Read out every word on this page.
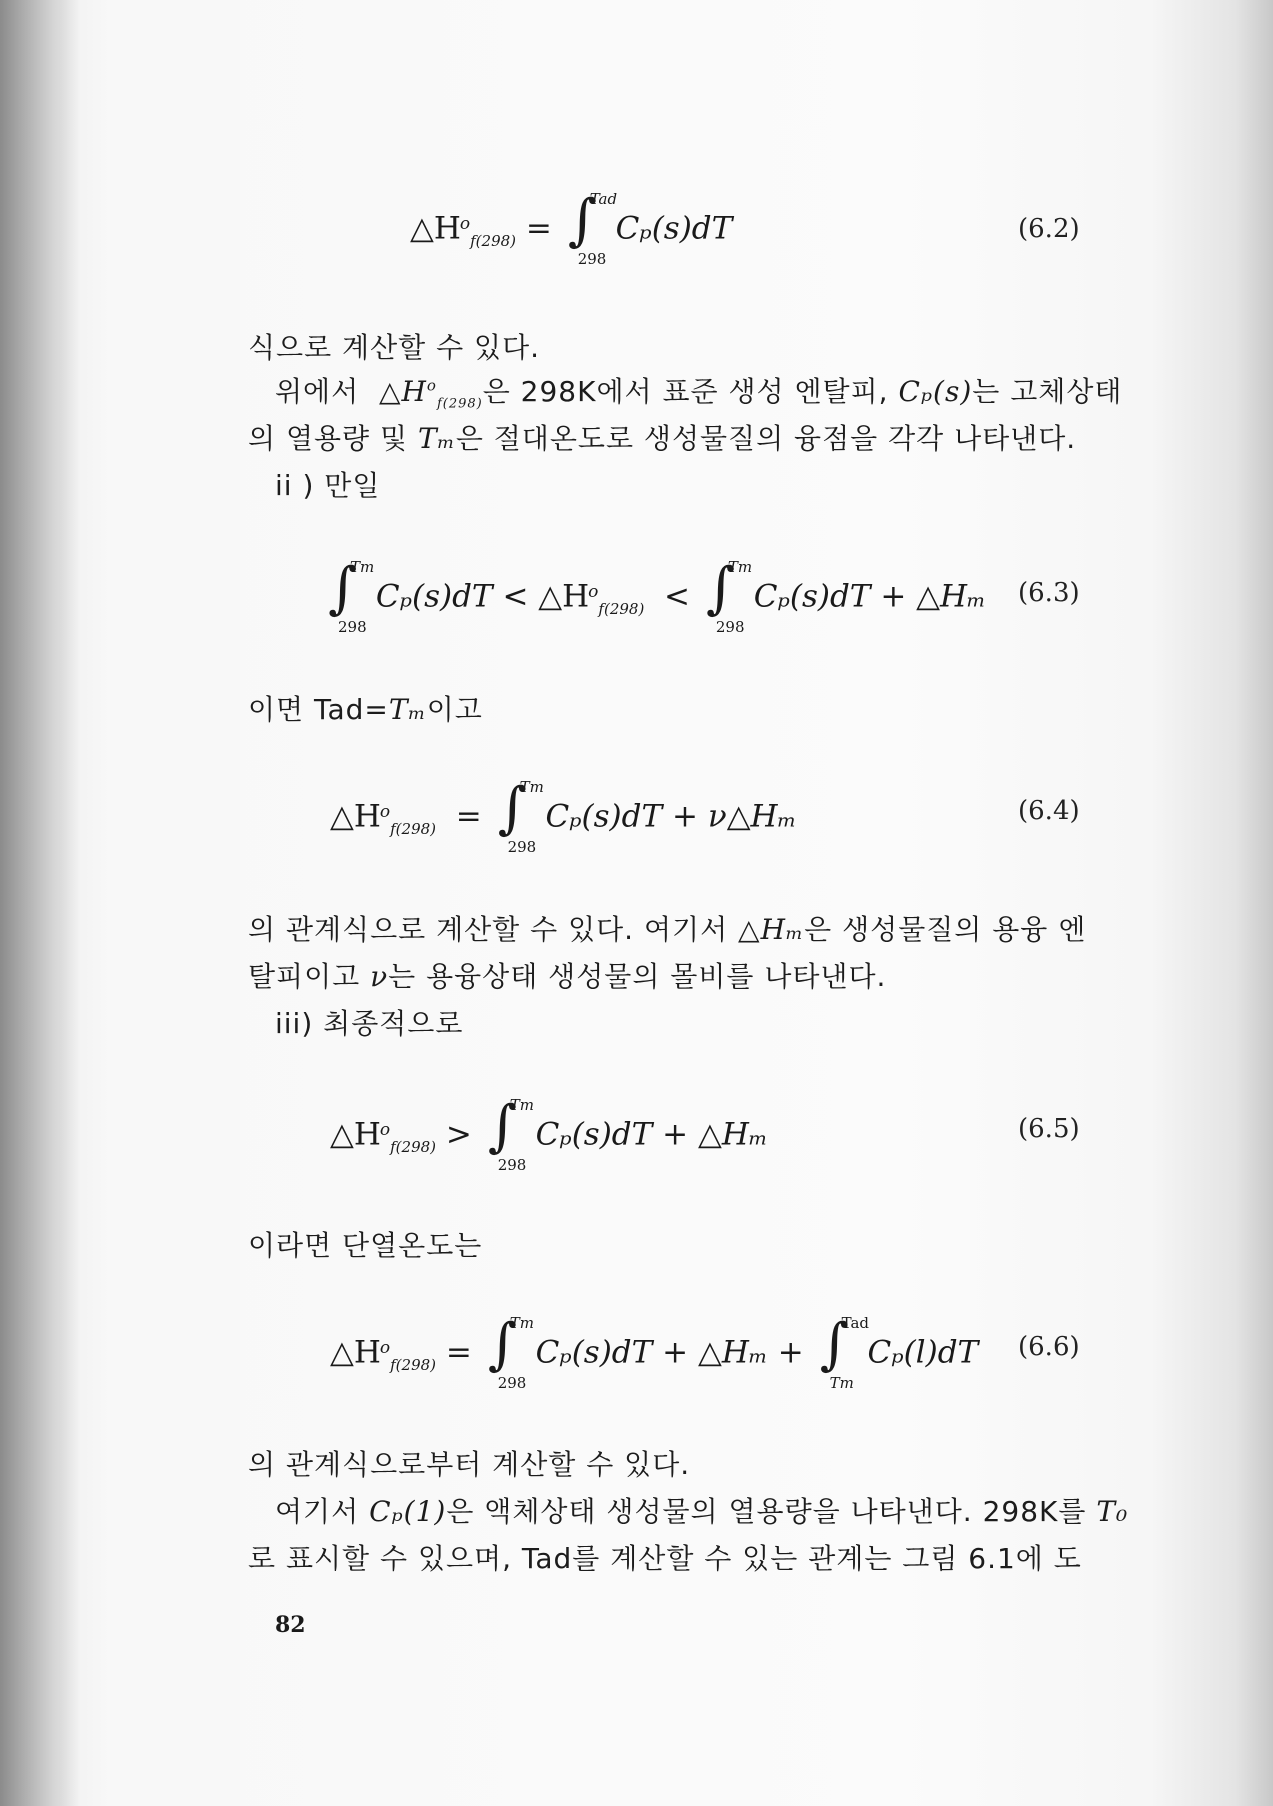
$\triangle H^o_{f(298)}$ = ∫
Tad
298
Cₚ(s)dT	(6.2)
식으로 계산할 수 있다.
위에서 $\triangle H^o_{f(298)}$은 298K에서 표준 생성 엔탈피, Cₚ(s)는 고체상태
의 열용량 및 Tₘ은 절대온도로 생성물질의 융점을 각각 나타낸다.
ii ) 만일
∫
Tm
298
$C_p(s)dT < \triangle H^o_{f(298)}$ < ∫
Tm
298
Cₚ(s)dT + △Hₘ (6.3)
이면 Tad=Tₘ이고
$\triangle H^o_{f(298)}$ = ∫
Tm
298
Cₚ(s)dT + ν△Hₘ	(6.4)
의 관계식으로 계산할 수 있다. 여기서 △Hₘ은 생성물질의 용융 엔
탈피이고 ν는 용융상태 생성물의 몰비를 나타낸다.
iii) 최종적으로
$\triangle H^o_{f(298)}$ > ∫
Tm
298
Cₚ(s)dT + △Hₘ	(6.5)
이라면 단열온도는
$\triangle H^o_{f(298)}$ = ∫
Tm
298
Cₚ(s)dT + △Hₘ + ∫
Tad
Tm
Cₚ(l)dT (6.6)
의 관계식으로부터 계산할 수 있다.
여기서 Cₚ(1)은 액체상태 생성물의 열용량을 나타낸다. 298K를 T₀
로 표시할 수 있으며, Tad를 계산할 수 있는 관계는 그림 6.1에 도
82
